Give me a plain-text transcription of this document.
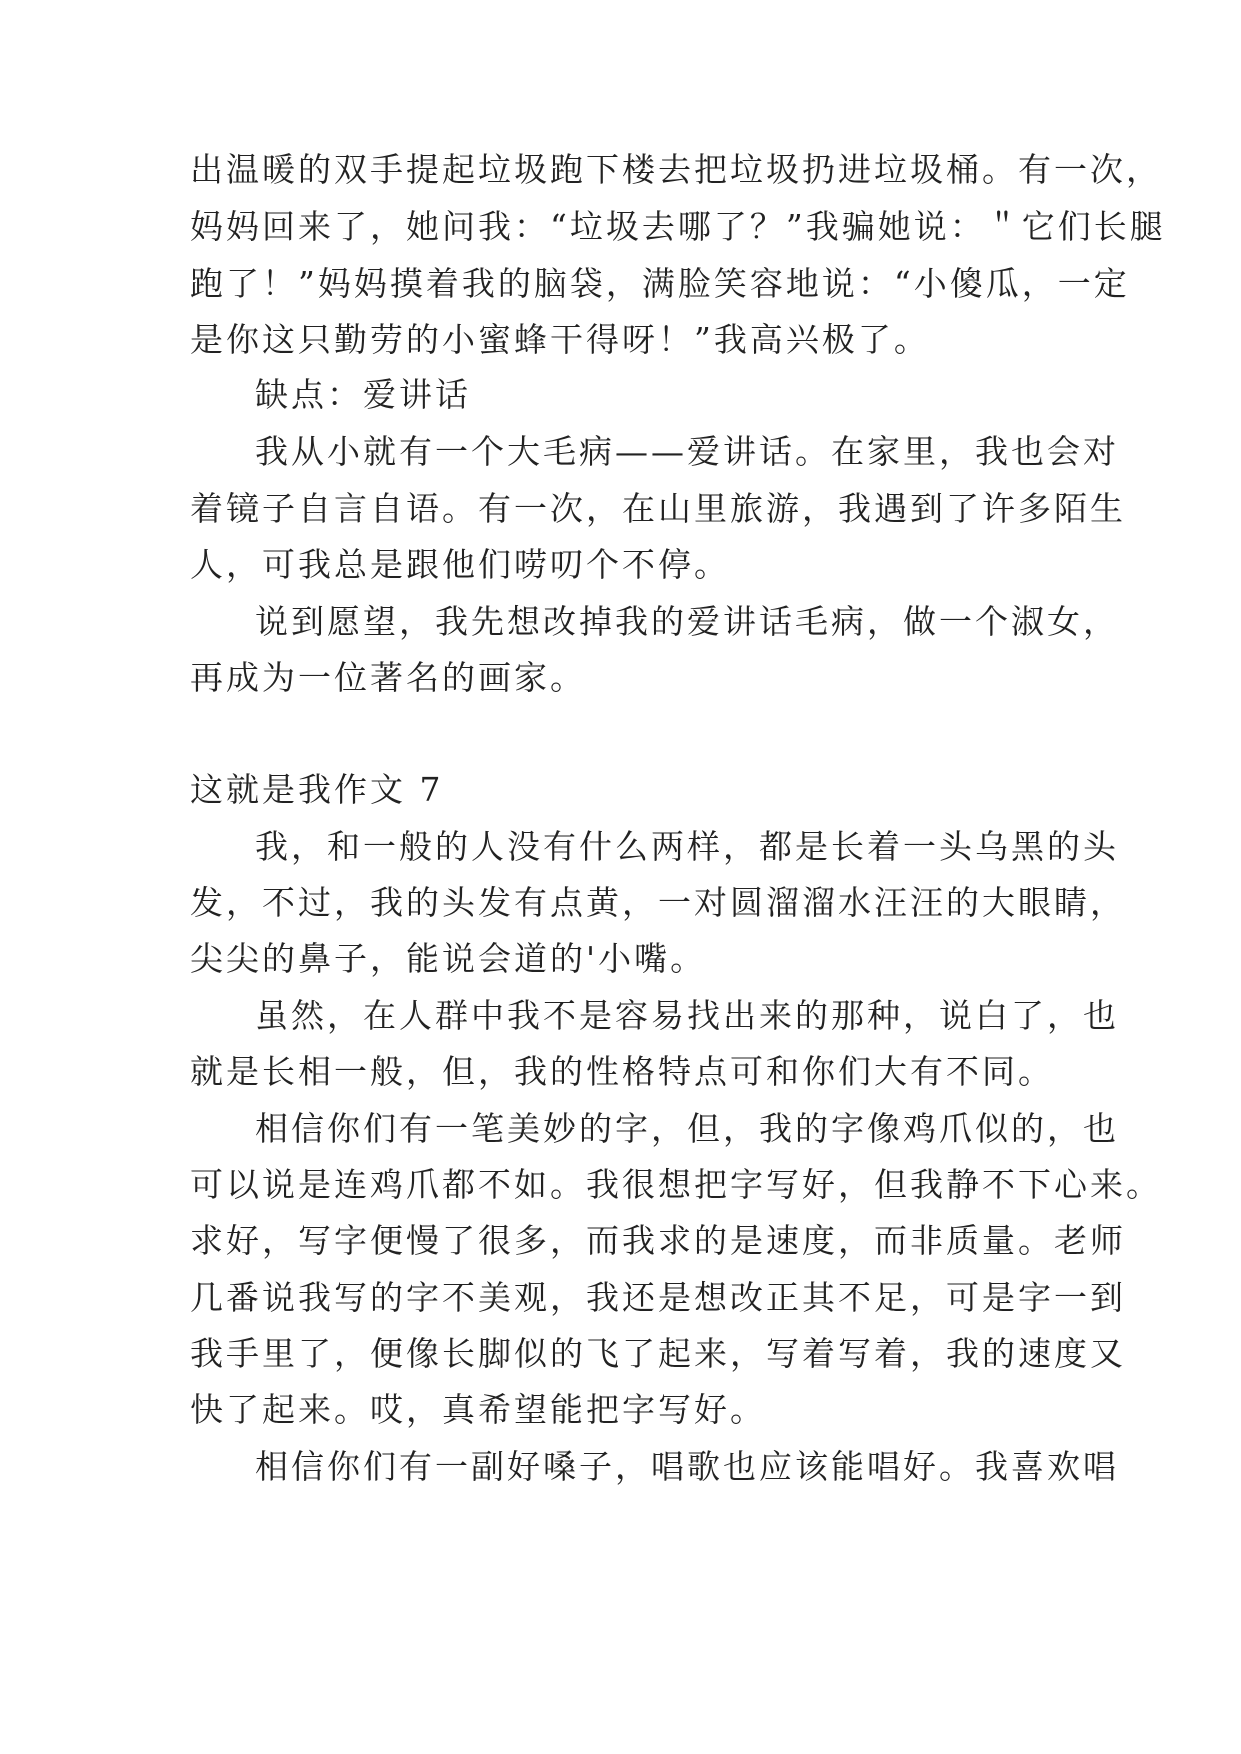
出温暖的双手提起垃圾跑下楼去把垃圾扔进垃圾桶。有一次，
妈妈回来了，她问我：“垃圾去哪了？”我骗她说：＂它们长腿
跑了！”妈妈摸着我的脑袋，满脸笑容地说：“小傻瓜，一定
是你这只勤劳的小蜜蜂干得呀！”我高兴极了。
缺点：爱讲话
我从小就有一个大毛病——爱讲话。在家里，我也会对
着镜子自言自语。有一次，在山里旅游，我遇到了许多陌生
人，可我总是跟他们唠叨个不停。
说到愿望，我先想改掉我的爱讲话毛病，做一个淑女，
再成为一位著名的画家。
这就是我作文 7
我，和一般的人没有什么两样，都是长着一头乌黑的头
发，不过，我的头发有点黄，一对圆溜溜水汪汪的大眼睛，
尖尖的鼻子，能说会道的'小嘴。
虽然，在人群中我不是容易找出来的那种，说白了，也
就是长相一般，但，我的性格特点可和你们大有不同。
相信你们有一笔美妙的字，但，我的字像鸡爪似的，也
可以说是连鸡爪都不如。我很想把字写好，但我静不下心来。
求好，写字便慢了很多，而我求的是速度，而非质量。老师
几番说我写的字不美观，我还是想改正其不足，可是字一到
我手里了，便像长脚似的飞了起来，写着写着，我的速度又
快了起来。哎，真希望能把字写好。
相信你们有一副好嗓子，唱歌也应该能唱好。我喜欢唱
